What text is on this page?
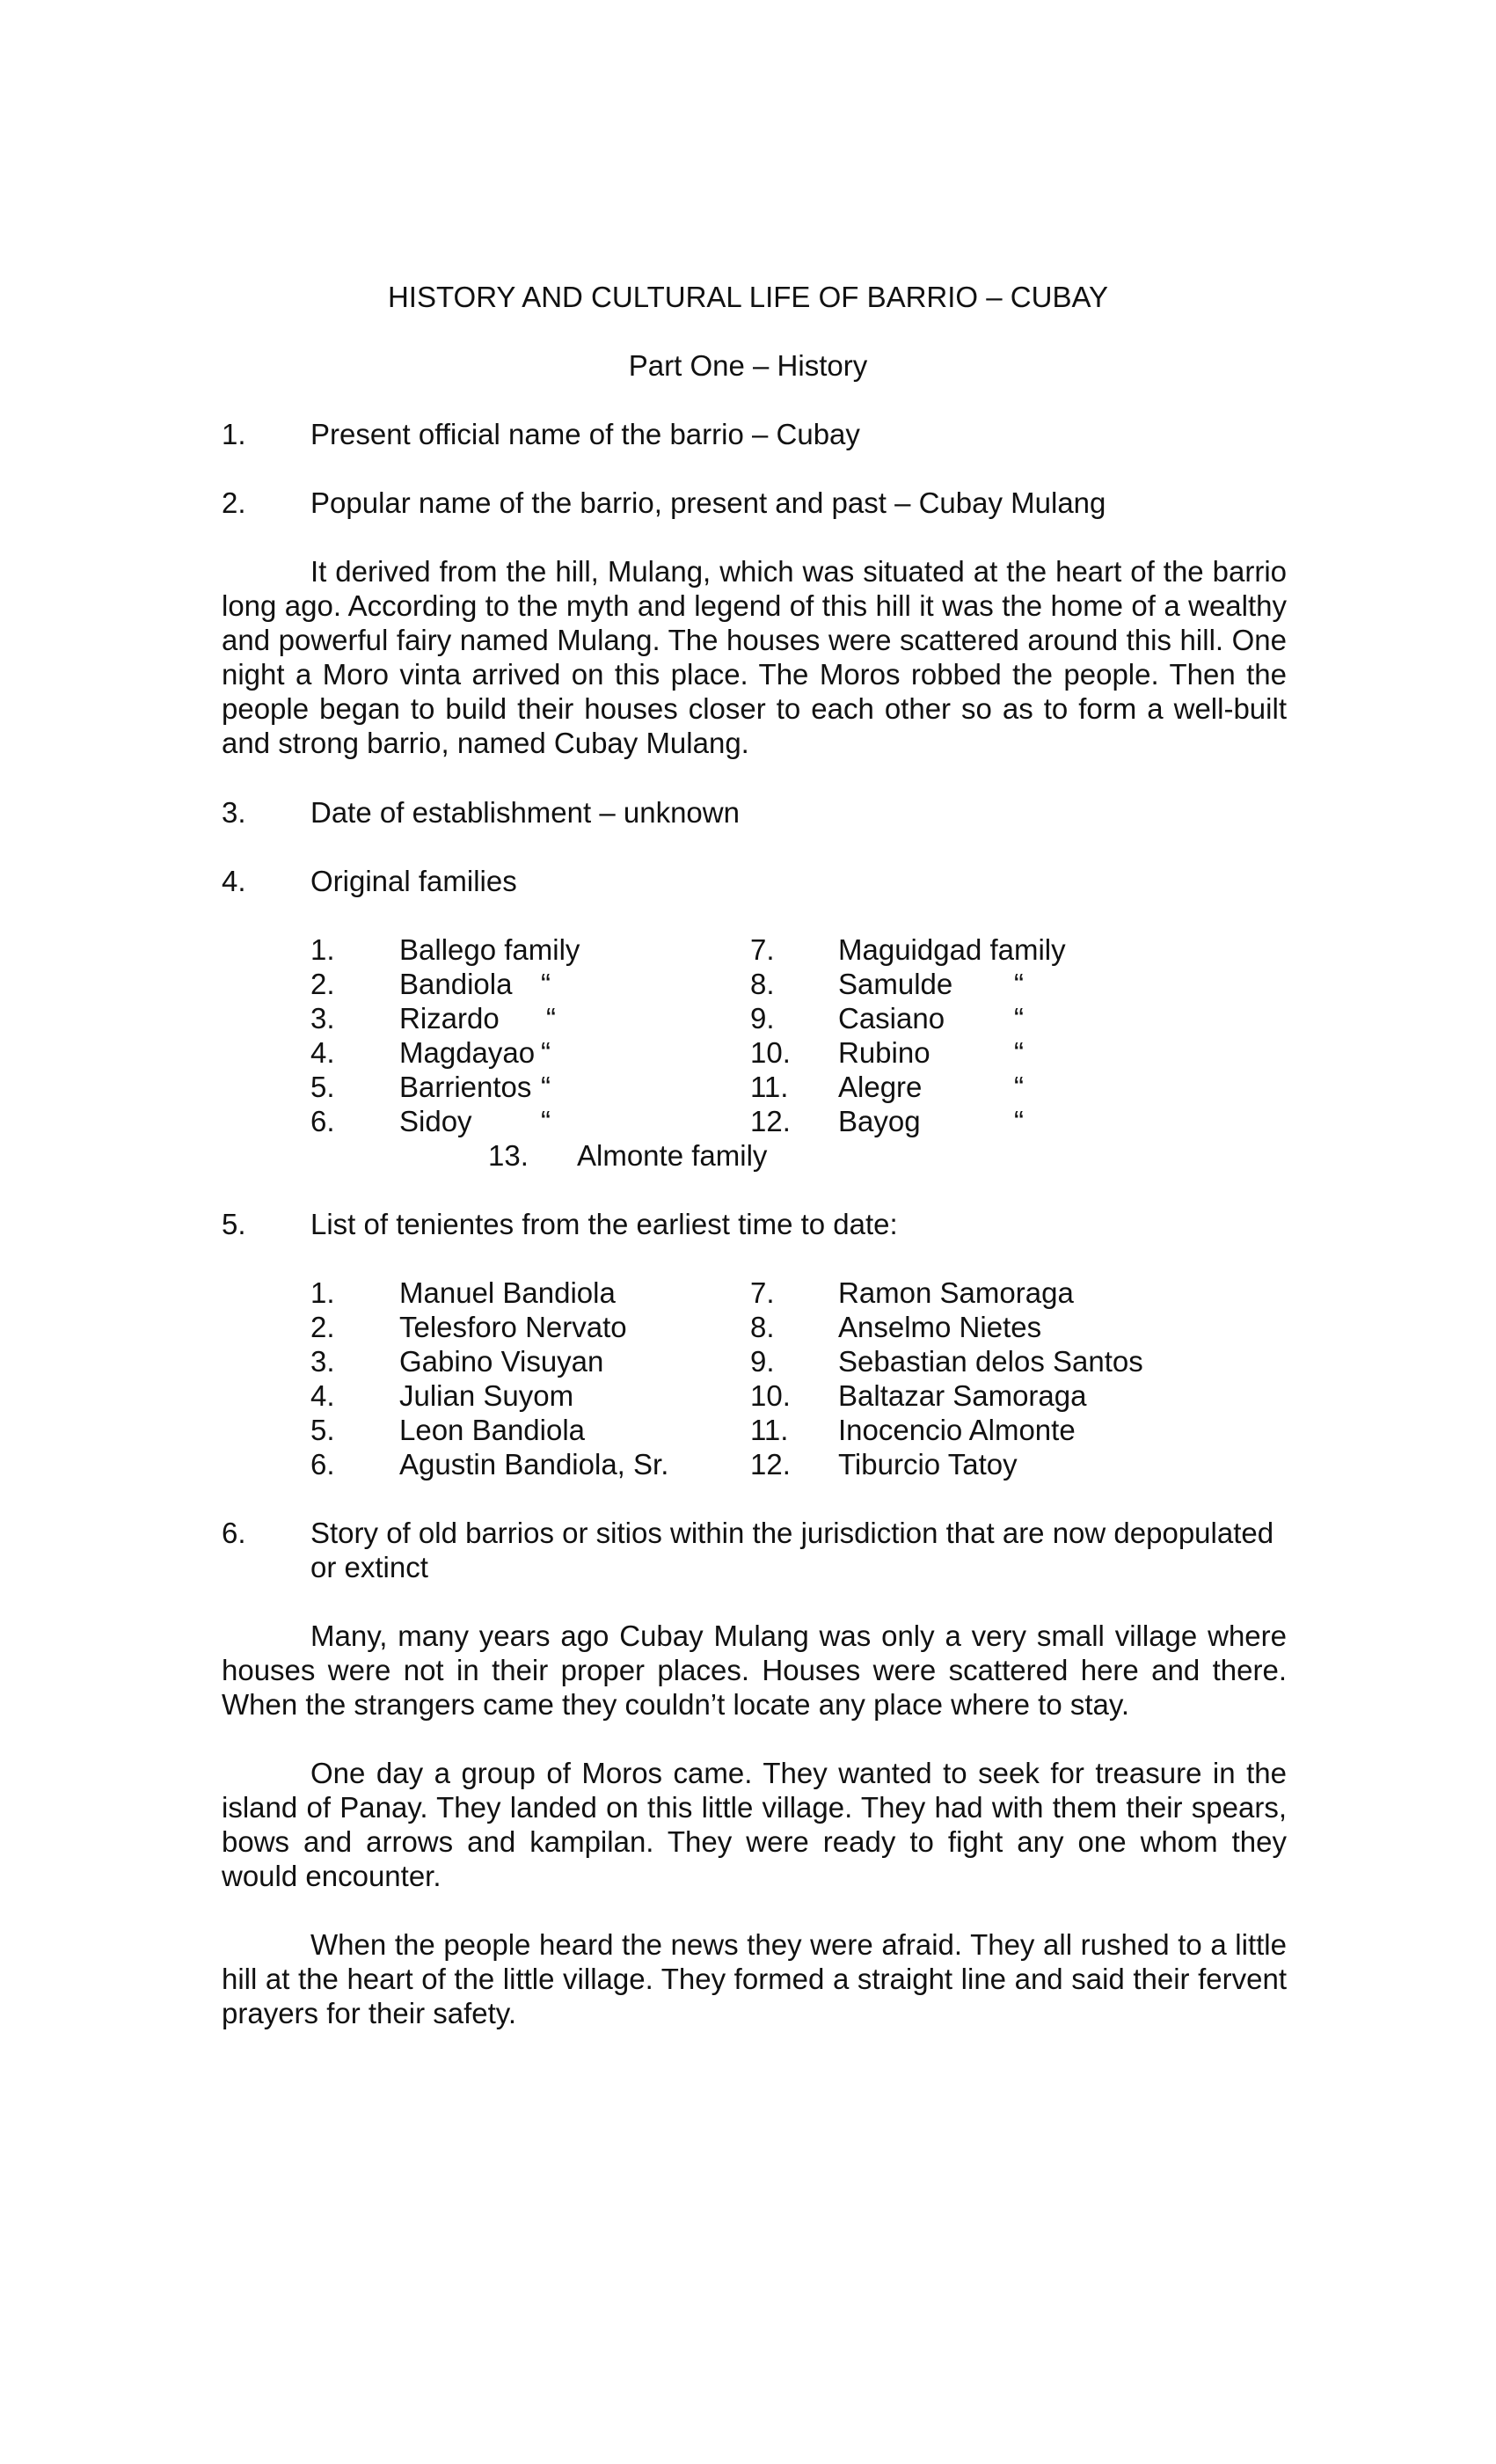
HISTORY AND CULTURAL LIFE OF BARRIO – CUBAY
Part One – History
1. Present official name of the barrio – Cubay
2. Popular name of the barrio, present and past – Cubay Mulang
It derived from the hill, Mulang, which was situated at the heart of the barrio long ago. According to the myth and legend of this hill it was the home of a wealthy and powerful fairy named Mulang. The houses were scattered around this hill. One night a Moro vinta arrived on this place. The Moros robbed the people. Then the people began to build their houses closer to each other so as to form a well-built and strong barrio, named Cubay Mulang.
3. Date of establishment – unknown
4. Original families
1. Ballego family	7. Maguidgad family
2. Bandiola “	8. Samulde “
3. Rizardo “	9. Casiano “
4. Magdayao “	10. Rubino	“
5. Barrientos “	11. Alegre	“
6. Sidoy “	12. Bayog	“
13. Almonte family
5. List of tenientes from the earliest time to date:
1. Manuel Bandiola	7. Ramon Samoraga
2. Telesforo Nervato	8. Anselmo Nietes
3. Gabino Visuyan	9. Sebastian delos Santos
4. Julian Suyom	10. Baltazar Samoraga
5. Leon Bandiola	11. Inocencio Almonte
6. Agustin Bandiola, Sr.	12. Tiburcio Tatoy
6. Story of old barrios or sitios within the jurisdiction that are now depopulated or extinct
Many, many years ago Cubay Mulang was only a very small village where houses were not in their proper places. Houses were scattered here and there. When the strangers came they couldn’t locate any place where to stay.
One day a group of Moros came. They wanted to seek for treasure in the island of Panay. They landed on this little village. They had with them their spears, bows and arrows and kampilan. They were ready to fight any one whom they would encounter.
When the people heard the news they were afraid. They all rushed to a little hill at the heart of the little village. They formed a straight line and said their fervent prayers for their safety.
